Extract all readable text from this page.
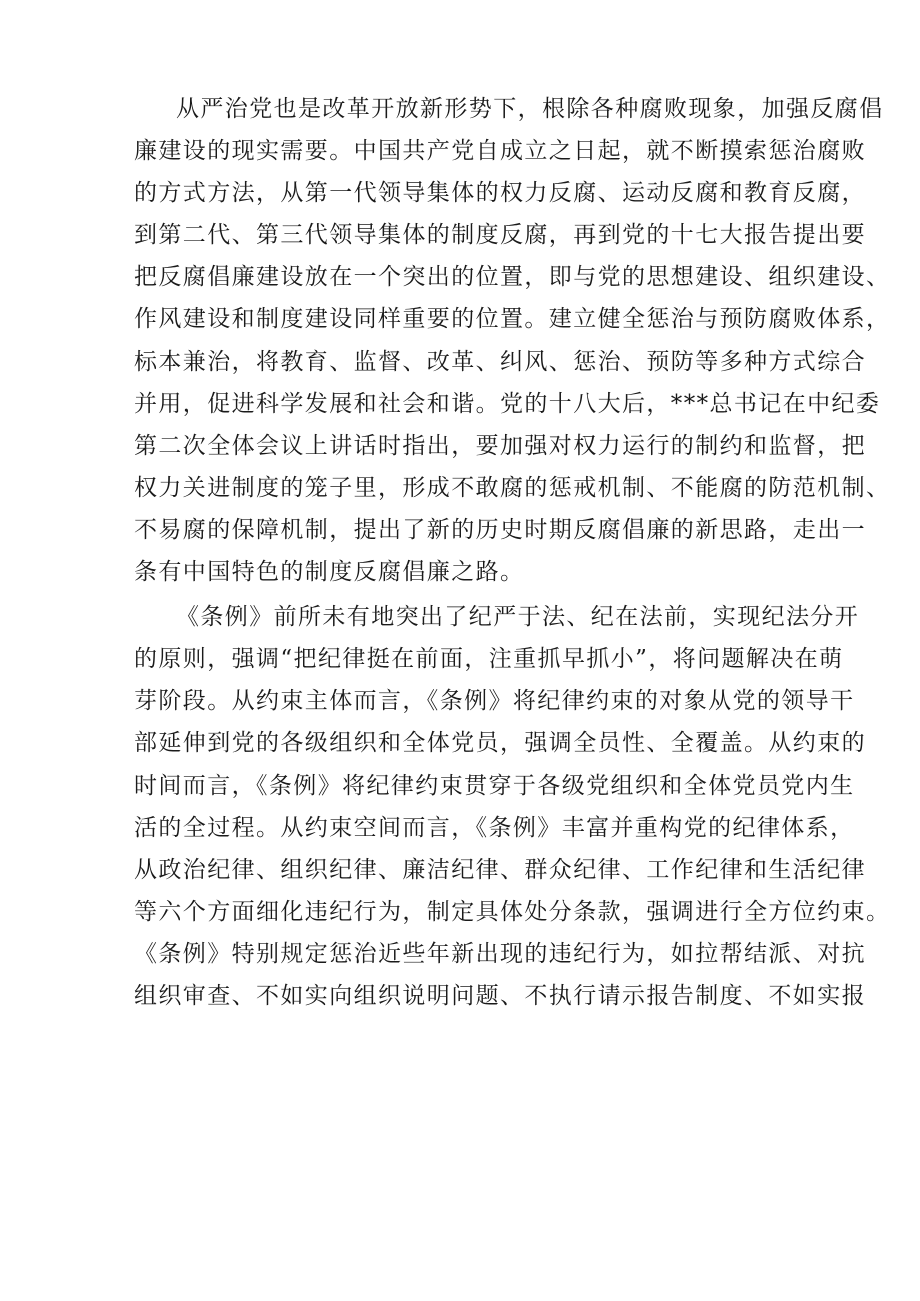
从严治党也是改革开放新形势下，根除各种腐败现象，加强反腐倡
廉建设的现实需要。中国共产党自成立之日起，就不断摸索惩治腐败
的方式方法，从第一代领导集体的权力反腐、运动反腐和教育反腐，
到第二代、第三代领导集体的制度反腐，再到党的十七大报告提出要
把反腐倡廉建设放在一个突出的位置，即与党的思想建设、组织建设、
作风建设和制度建设同样重要的位置。建立健全惩治与预防腐败体系，
标本兼治，将教育、监督、改革、纠风、惩治、预防等多种方式综合
并用，促进科学发展和社会和谐。党的十八大后，***总书记在中纪委
第二次全体会议上讲话时指出，要加强对权力运行的制约和监督，把
权力关进制度的笼子里，形成不敢腐的惩戒机制、不能腐的防范机制、
不易腐的保障机制，提出了新的历史时期反腐倡廉的新思路，走出一
条有中国特色的制度反腐倡廉之路。

《条例》前所未有地突出了纪严于法、纪在法前，实现纪法分开
的原则，强调“把纪律挺在前面，注重抓早抓小”，将问题解决在萌
芽阶段。从约束主体而言，《条例》将纪律约束的对象从党的领导干
部延伸到党的各级组织和全体党员，强调全员性、全覆盖。从约束的
时间而言，《条例》将纪律约束贯穿于各级党组织和全体党员党内生
活的全过程。从约束空间而言，《条例》丰富并重构党的纪律体系，
从政治纪律、组织纪律、廉洁纪律、群众纪律、工作纪律和生活纪律
等六个方面细化违纪行为，制定具体处分条款，强调进行全方位约束。
《条例》特别规定惩治近些年新出现的违纪行为，如拉帮结派、对抗
组织审查、不如实向组织说明问题、不执行请示报告制度、不如实报
